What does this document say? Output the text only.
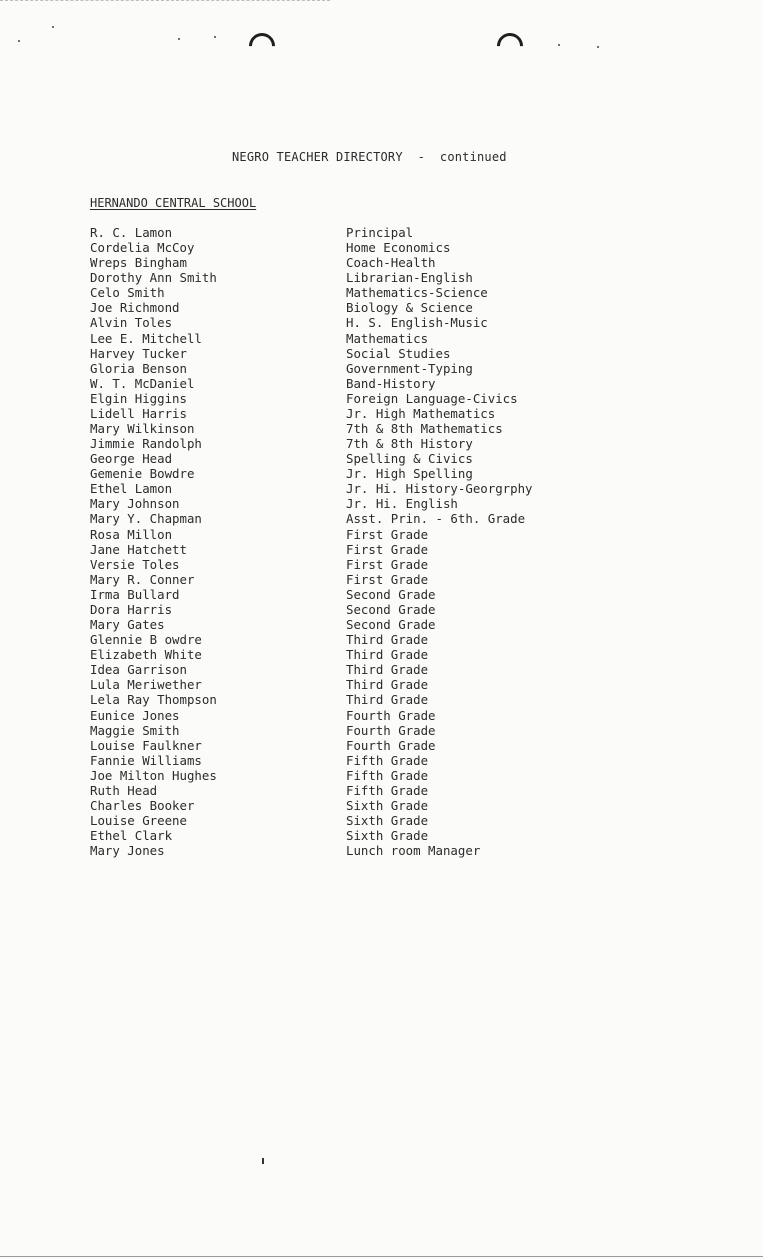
NEGRO TEACHER DIRECTORY  -  continued
HERNANDO CENTRAL SCHOOL
R. C. Lamon	Principal
Cordelia McCoy	Home Economics
Wreps Bingham	Coach-Health
Dorothy Ann Smith	Librarian-English
Celo Smith	Mathematics-Science
Joe Richmond	Biology & Science
Alvin Toles	H. S. English-Music
Lee E. Mitchell	Mathematics
Harvey Tucker	Social Studies
Gloria Benson	Government-Typing
W. T. McDaniel	Band-History
Elgin Higgins	Foreign Language-Civics
Lidell Harris	Jr. High Mathematics
Mary Wilkinson	7th & 8th Mathematics
Jimmie Randolph	7th & 8th History
George Head	Spelling & Civics
Gemenie Bowdre	Jr. High Spelling
Ethel Lamon	Jr. Hi. History-Georgrphy
Mary Johnson	Jr. Hi. English
Mary Y. Chapman	Asst. Prin. - 6th. Grade
Rosa Millon	First Grade
Jane Hatchett	First Grade
Versie Toles	First Grade
Mary R. Conner	First Grade
Irma Bullard	Second Grade
Dora Harris	Second Grade
Mary Gates	Second Grade
Glennie B owdre	Third Grade
Elizabeth White	Third Grade
Idea Garrison	Third Grade
Lula Meriwether	Third Grade
Lela Ray Thompson	Third Grade
Eunice Jones	Fourth Grade
Maggie Smith	Fourth Grade
Louise Faulkner	Fourth Grade
Fannie Williams	Fifth Grade
Joe Milton Hughes	Fifth Grade
Ruth Head	Fifth Grade
Charles Booker	Sixth Grade
Louise Greene	Sixth Grade
Ethel Clark	Sixth Grade
Mary Jones	Lunch room Manager
